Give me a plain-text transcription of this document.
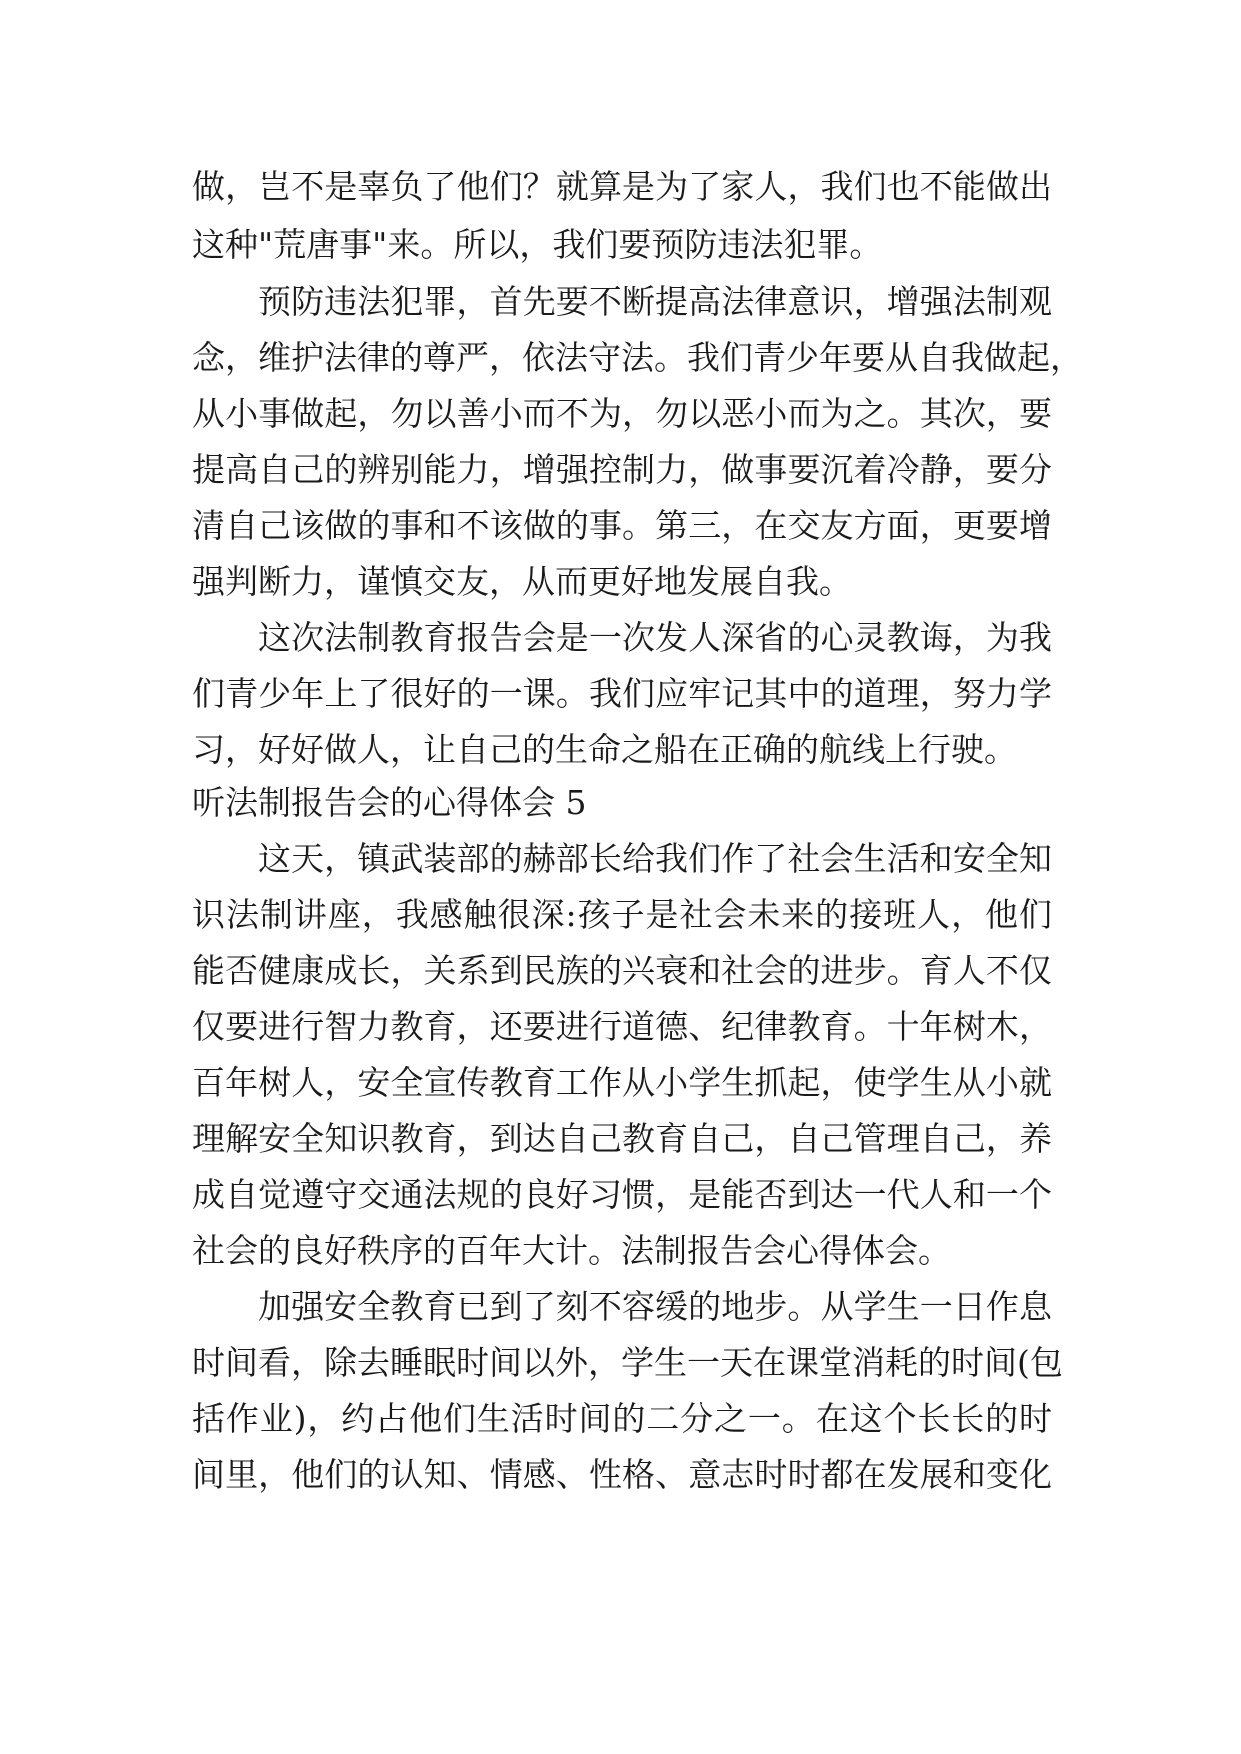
做，岂不是辜负了他们？就算是为了家人，我们也不能做出
这种"荒唐事"来。所以，我们要预防违法犯罪。
预防违法犯罪，首先要不断提高法律意识，增强法制观
念，维护法律的尊严，依法守法。我们青少年要从自我做起，
从小事做起，勿以善小而不为，勿以恶小而为之。其次，要
提高自己的辨别能力，增强控制力，做事要沉着冷静，要分
清自己该做的事和不该做的事。第三，在交友方面，更要增
强判断力，谨慎交友，从而更好地发展自我。
这次法制教育报告会是一次发人深省的心灵教诲，为我
们青少年上了很好的一课。我们应牢记其中的道理，努力学
习，好好做人，让自己的生命之船在正确的航线上行驶。
听法制报告会的心得体会 5
这天，镇武装部的赫部长给我们作了社会生活和安全知
识法制讲座，我感触很深:孩子是社会未来的接班人，他们
能否健康成长，关系到民族的兴衰和社会的进步。育人不仅
仅要进行智力教育，还要进行道德、纪律教育。十年树木，
百年树人，安全宣传教育工作从小学生抓起，使学生从小就
理解安全知识教育，到达自己教育自己，自己管理自己，养
成自觉遵守交通法规的良好习惯，是能否到达一代人和一个
社会的良好秩序的百年大计。法制报告会心得体会。
加强安全教育已到了刻不容缓的地步。从学生一日作息
时间看，除去睡眠时间以外，学生一天在课堂消耗的时间(包
括作业)，约占他们生活时间的二分之一。在这个长长的时
间里，他们的认知、情感、性格、意志时时都在发展和变化
